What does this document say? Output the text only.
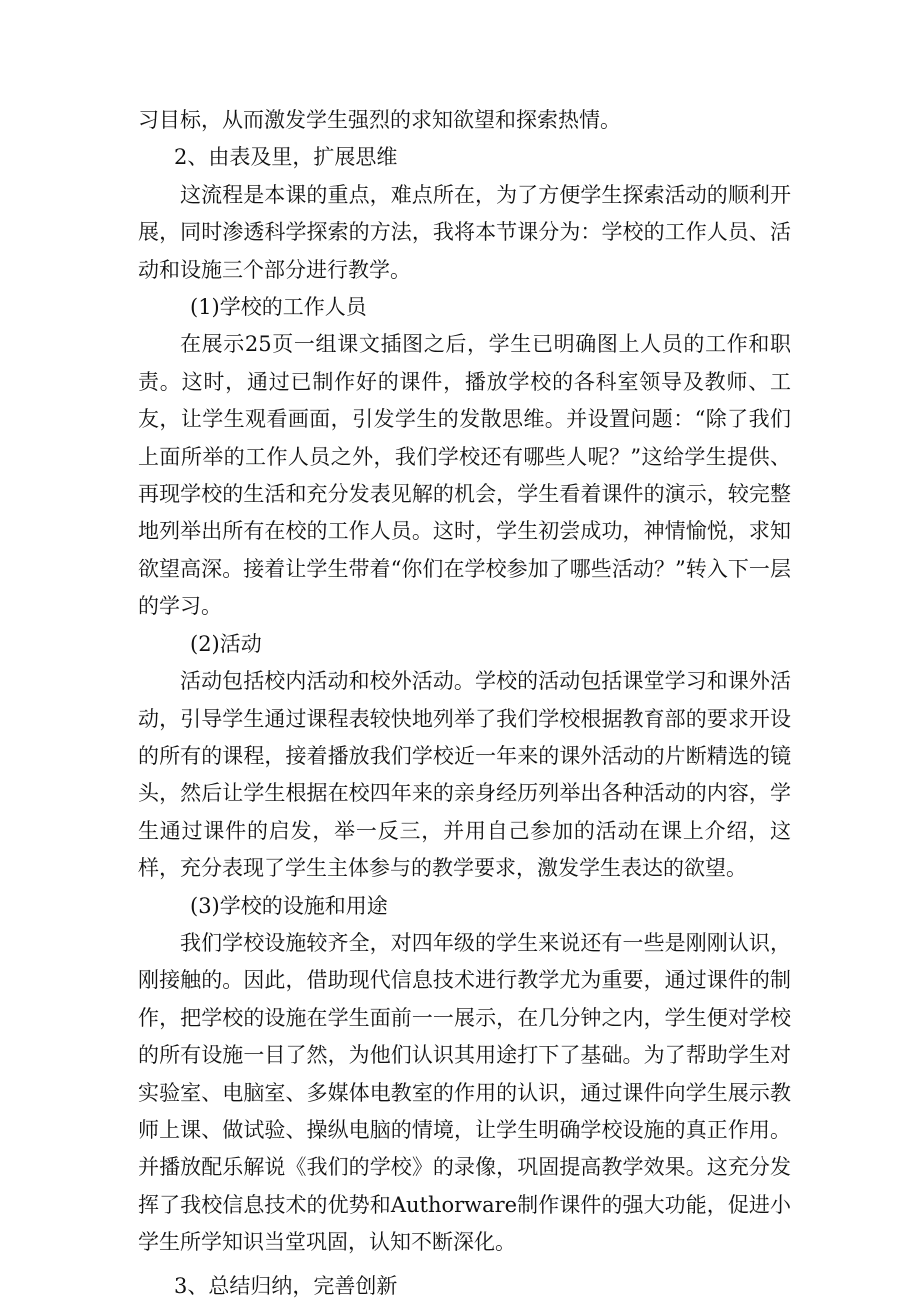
习目标，从而激发学生强烈的求知欲望和探索热情。

2、由表及里，扩展思维

这流程是本课的重点，难点所在，为了方便学生探索活动的顺利开展，同时渗透科学探索的方法，我将本节课分为：学校的工作人员、活动和设施三个部分进行教学。

(1)学校的工作人员

在展示25页一组课文插图之后，学生已明确图上人员的工作和职责。这时，通过已制作好的课件，播放学校的各科室领导及教师、工友，让学生观看画面，引发学生的发散思维。并设置问题：“除了我们上面所举的工作人员之外，我们学校还有哪些人呢？”这给学生提供、再现学校的生活和充分发表见解的机会，学生看着课件的演示，较完整地列举出所有在校的工作人员。这时，学生初尝成功，神情愉悦，求知欲望高深。接着让学生带着“你们在学校参加了哪些活动？”转入下一层的学习。

(2)活动

活动包括校内活动和校外活动。学校的活动包括课堂学习和课外活动，引导学生通过课程表较快地列举了我们学校根据教育部的要求开设的所有的课程，接着播放我们学校近一年来的课外活动的片断精选的镜头，然后让学生根据在校四年来的亲身经历列举出各种活动的内容，学生通过课件的启发，举一反三，并用自己参加的活动在课上介绍，这样，充分表现了学生主体参与的教学要求，激发学生表达的欲望。

(3)学校的设施和用途

我们学校设施较齐全，对四年级的学生来说还有一些是刚刚认识，刚接触的。因此，借助现代信息技术进行教学尤为重要，通过课件的制作，把学校的设施在学生面前一一展示，在几分钟之内，学生便对学校的所有设施一目了然，为他们认识其用途打下了基础。为了帮助学生对实验室、电脑室、多媒体电教室的作用的认识，通过课件向学生展示教师上课、做试验、操纵电脑的情境，让学生明确学校设施的真正作用。并播放配乐解说《我们的学校》的录像，巩固提高教学效果。这充分发挥了我校信息技术的优势和Authorware制作课件的强大功能，促进小学生所学知识当堂巩固，认知不断深化。

3、总结归纳，完善创新
